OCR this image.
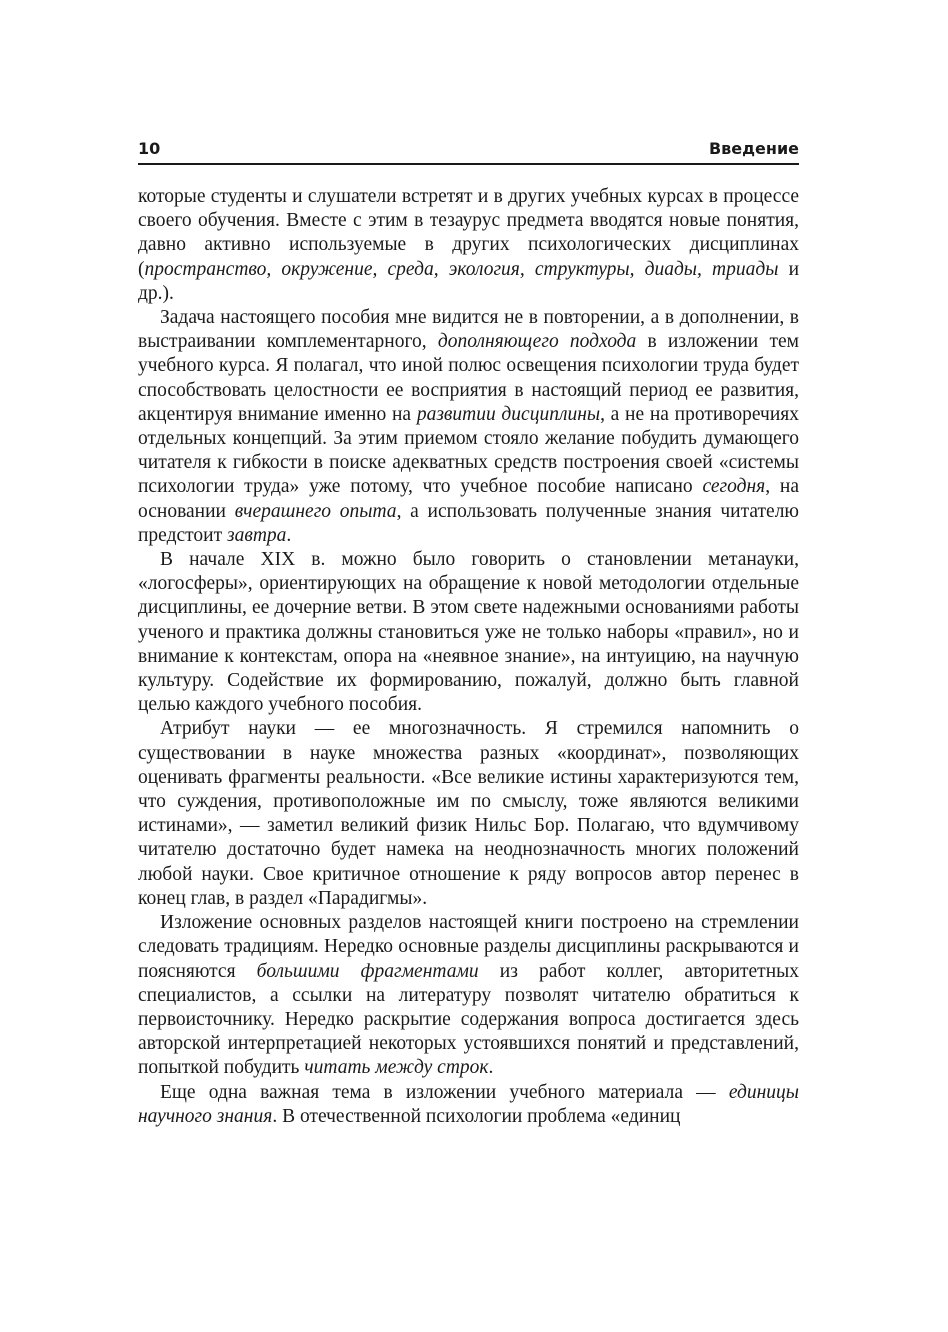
10	Введение

которые студенты и слушатели встретят и в других учебных курсах в процессе своего обучения. Вместе с этим в тезаурус предмета вводятся новые понятия, давно активно используемые в других психологических дисциплинах (пространство, окружение, среда, экология, структуры, диады, триады и др.).

Задача настоящего пособия мне видится не в повторении, а в дополнении, в выстраивании комплементарного, дополняющего подхода в изложении тем учебного курса. Я полагал, что иной полюс освещения психологии труда будет способствовать целостности ее восприятия в настоящий период ее развития, акцентируя внимание именно на развитии дисциплины, а не на противоречиях отдельных концепций. За этим приемом стояло желание побудить думающего читателя к гибкости в поиске адекватных средств построения своей «системы психологии труда» уже потому, что учебное пособие написано сегодня, на основании вчерашнего опыта, а использовать полученные знания читателю предстоит завтра.

В начале XIX в. можно было говорить о становлении метанауки, «логосферы», ориентирующих на обращение к новой методологии отдельные дисциплины, ее дочерние ветви. В этом свете надежными основаниями работы ученого и практика должны становиться уже не только наборы «правил», но и внимание к контекстам, опора на «неявное знание», на интуицию, на научную культуру. Содействие их формированию, пожалуй, должно быть главной целью каждого учебного пособия.

Атрибут науки — ее многозначность. Я стремился напомнить о существовании в науке множества разных «координат», позволяющих оценивать фрагменты реальности. «Все великие истины характеризуются тем, что суждения, противоположные им по смыслу, тоже являются великими истинами», — заметил великий физик Нильс Бор. Полагаю, что вдумчивому читателю достаточно будет намека на неоднозначность многих положений любой науки. Свое критичное отношение к ряду вопросов автор перенес в конец глав, в раздел «Парадигмы».

Изложение основных разделов настоящей книги построено на стремлении следовать традициям. Нередко основные разделы дисциплины раскрываются и поясняются большими фрагментами из работ коллег, авторитетных специалистов, а ссылки на литературу позволят читателю обратиться к первоисточнику. Нередко раскрытие содержания вопроса достигается здесь авторской интерпретацией некоторых устоявшихся понятий и представлений, попыткой побудить читать между строк.

Еще одна важная тема в изложении учебного материала — единицы научного знания. В отечественной психологии проблема «единиц
